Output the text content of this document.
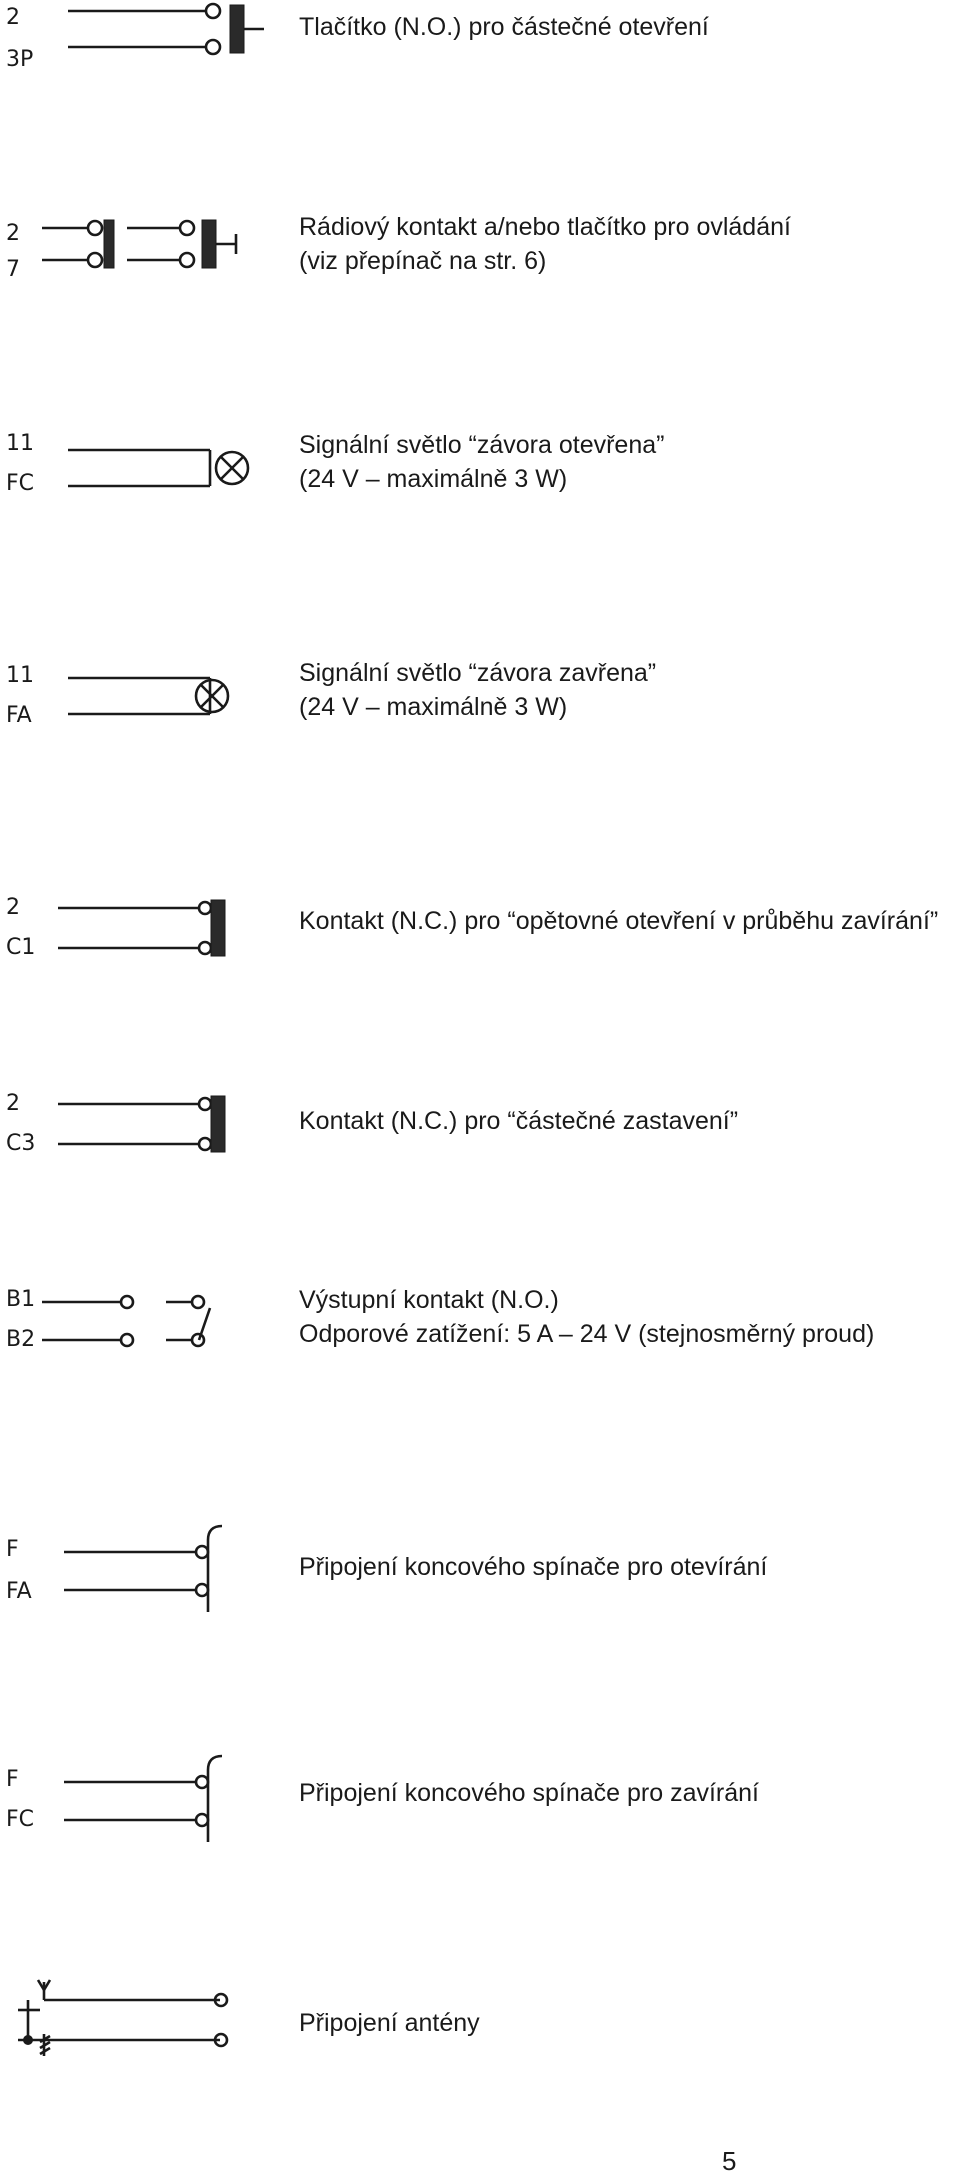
2
3P
Tlačítko (N.O.) pro částečné otevření
2
7
Rádiový kontakt a/nebo tlačítko pro ovládání
(viz přepínač na str. 6)
11
FC
Signální světlo “závora otevřena”
(24 V – maximálně 3 W)
11
FA
Signální světlo “závora zavřena”
(24 V – maximálně 3 W)
2
C1
Kontakt (N.C.) pro “opětovné otevření v průběhu zavírání”
2
C3
Kontakt (N.C.) pro “částečné zastavení”
B1
B2
Výstupní kontakt (N.O.)
Odporové zatížení: 5 A – 24 V (stejnosměrný proud)
F
FA
Připojení koncového spínače pro otevírání
F
FC
Připojení koncového spínače pro zavírání
Připojení antény
5
